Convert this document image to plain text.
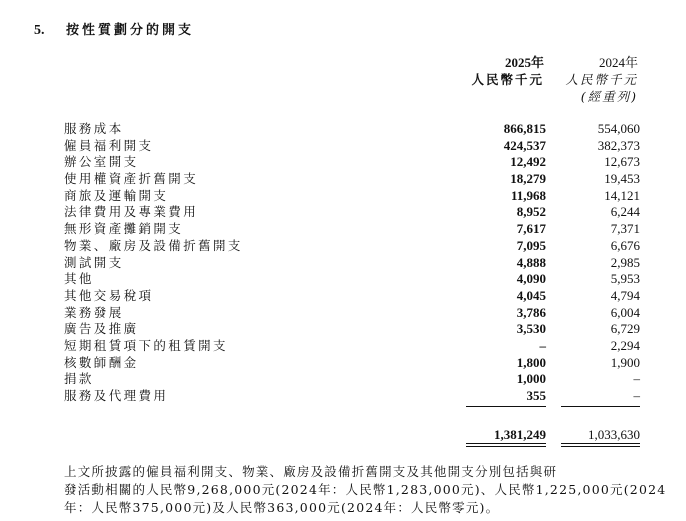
5. 按性質劃分的開支
2025年
人民幣千元
2024年
人民幣千元
(經重列)
服務成本	866,815	554,060
僱員福利開支	424,537	382,373
辦公室開支	12,492	12,673
使用權資產折舊開支	18,279	19,453
商旅及運輸開支	11,968	14,121
法律費用及專業費用	8,952	6,244
無形資產攤銷開支	7,617	7,371
物業、廠房及設備折舊開支	7,095	6,676
測試開支	4,888	2,985
其他	4,090	5,953
其他交易稅項	4,045	4,794
業務發展	3,786	6,004
廣告及推廣	3,530	6,729
短期租賃項下的租賃開支	–	2,294
核數師酬金	1,800	1,900
捐款	1,000	–
服務及代理費用	355	–
1,381,249	1,033,630
上文所披露的僱員福利開支、物業、廠房及設備折舊開支及其他開支分別包括與研
發活動相關的人民幣9,268,000元(2024年：人民幣1,283,000元)、人民幣1,225,000元(2024
年：人民幣375,000元)及人民幣363,000元(2024年：人民幣零元)。
